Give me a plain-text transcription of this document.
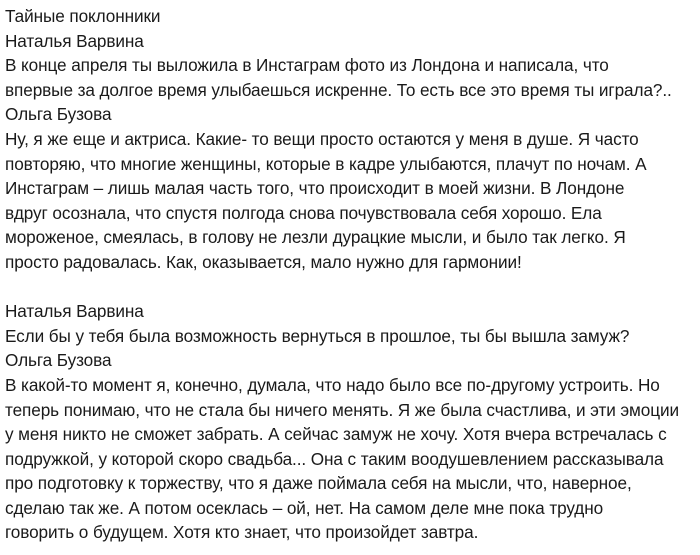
Тайные поклонники
Наталья Варвина
В конце апреля ты выложила в Инстаграм фото из Лондона и написала, что
впервые за долгое время улыбаешься искренне. То есть все это время ты играла?..
Ольга Бузова
Ну, я же еще и актриса. Какие- то вещи просто остаются у меня в душе. Я часто
повторяю, что многие женщины, которые в кадре улыбаются, плачут по ночам. А
Инстаграм – лишь малая часть того, что происходит в моей жизни. В Лондоне
вдруг осознала, что спустя полгода снова почувствовала себя хорошо. Ела
мороженое, смеялась, в голову не лезли дурацкие мысли, и было так легко. Я
просто радовалась. Как, оказывается, мало нужно для гармонии!
Наталья Варвина
Если бы у тебя была возможность вернуться в прошлое, ты бы вышла замуж?
Ольга Бузова
В какой-то момент я, конечно, думала, что надо было все по-другому устроить. Но
теперь понимаю, что не стала бы ничего менять. Я же была счастлива, и эти эмоции
у меня никто не сможет забрать. А сейчас замуж не хочу. Хотя вчера встречалась с
подружкой, у которой скоро свадьба... Она с таким воодушевлением рассказывала
про подготовку к торжеству, что я даже поймала себя на мысли, что, наверное,
сделаю так же. А потом осеклась – ой, нет. На самом деле мне пока трудно
говорить о будущем. Хотя кто знает, что произойдет завтра.
